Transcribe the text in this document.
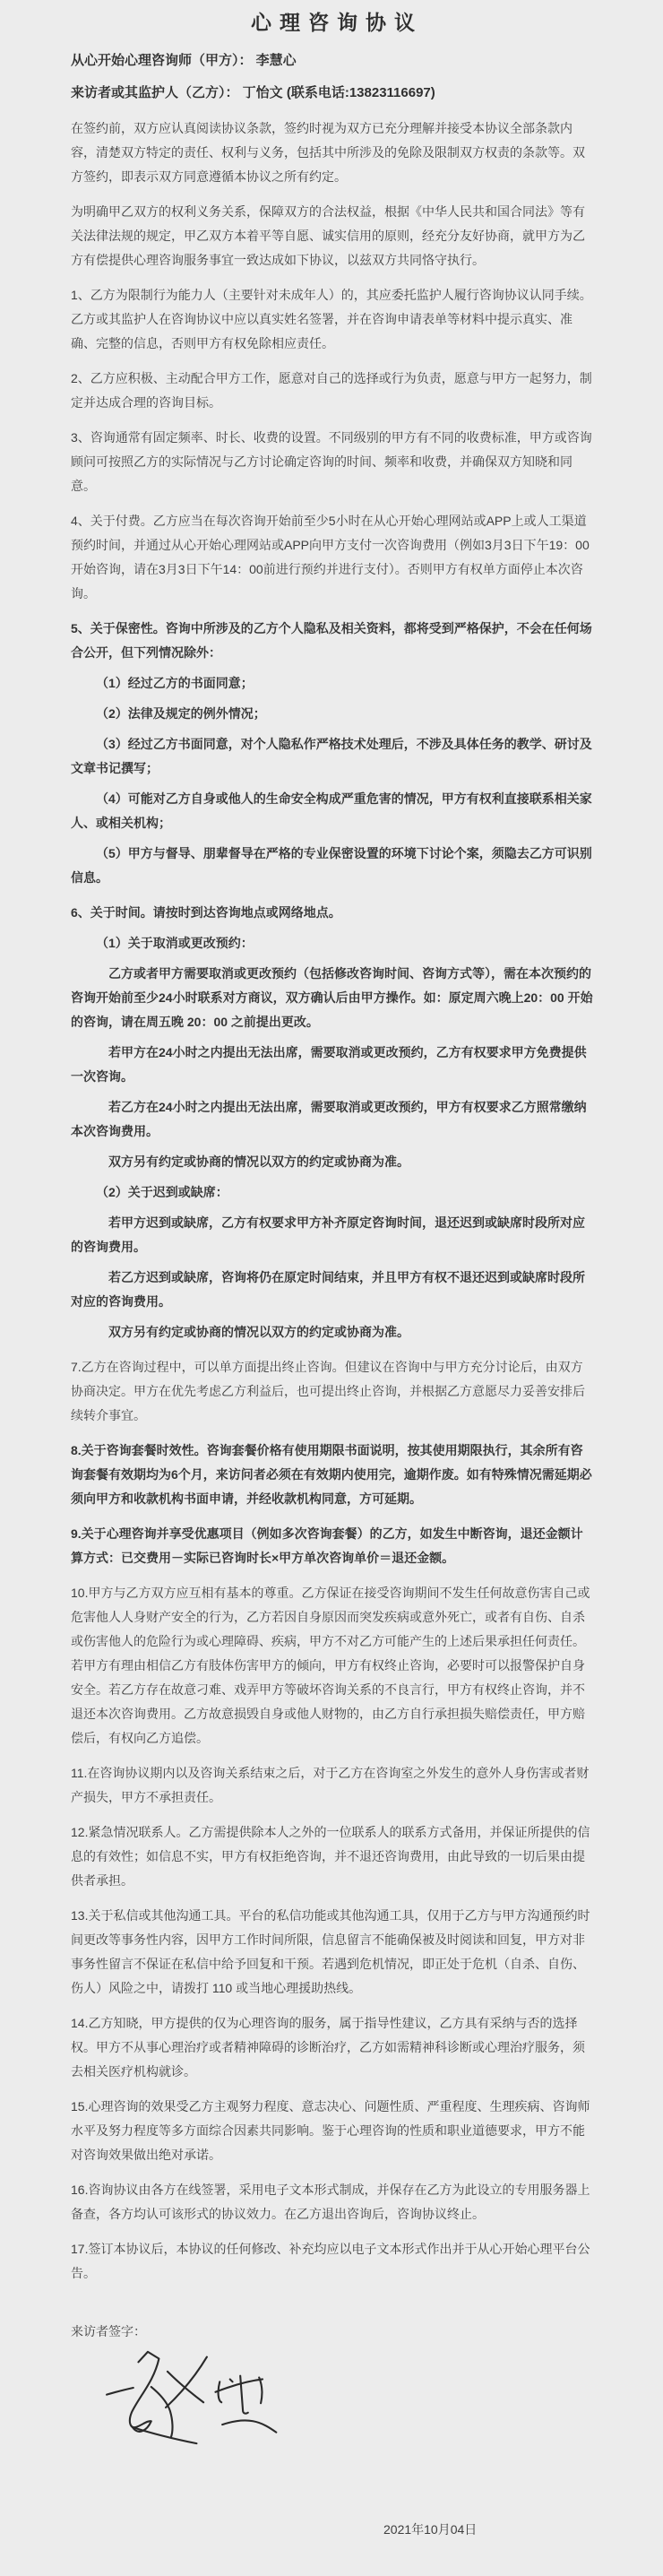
心理咨询协议

从心开始心理咨询师（甲方）： 李慧心

来访者或其监护人（乙方）： 丁怡文 (联系电话:13823116697)

在签约前，双方应认真阅读协议条款，签约时视为双方已充分理解并接受本协议全部条款内容，清楚双方特定的责任、权利与义务，包括其中所涉及的免除及限制双方权责的条款等。双方签约，即表示双方同意遵循本协议之所有约定。

为明确甲乙双方的权利义务关系，保障双方的合法权益，根据《中华人民共和国合同法》等有关法律法规的规定，甲乙双方本着平等自愿、诚实信用的原则，经充分友好协商，就甲方为乙方有偿提供心理咨询服务事宜一致达成如下协议，以兹双方共同恪守执行。

1、乙方为限制行为能力人（主要针对未成年人）的，其应委托监护人履行咨询协议认同手续。乙方或其监护人在咨询协议中应以真实姓名签署，并在咨询申请表单等材料中提示真实、准确、完整的信息，否则甲方有权免除相应责任。

2、乙方应积极、主动配合甲方工作，愿意对自己的选择或行为负责，愿意与甲方一起努力，制定并达成合理的咨询目标。

3、咨询通常有固定频率、时长、收费的设置。不同级别的甲方有不同的收费标准，甲方或咨询顾问可按照乙方的实际情况与乙方讨论确定咨询的时间、频率和收费，并确保双方知晓和同意。

4、关于付费。乙方应当在每次咨询开始前至少5小时在从心开始心理网站或APP上或人工渠道预约时间，并通过从心开始心理网站或APP向甲方支付一次咨询费用（例如3月3日下午19：00开始咨询，请在3月3日下午14：00前进行预约并进行支付）。否则甲方有权单方面停止本次咨询。

5、关于保密性。咨询中所涉及的乙方个人隐私及相关资料，都将受到严格保护，不会在任何场合公开，但下列情况除外：
（1）经过乙方的书面同意；
（2）法律及规定的例外情况；
（3）经过乙方书面同意，对个人隐私作严格技术处理后，不涉及具体任务的教学、研讨及文章书记撰写；
（4）可能对乙方自身或他人的生命安全构成严重危害的情况，甲方有权利直接联系相关家人、或相关机构；
（5）甲方与督导、朋辈督导在严格的专业保密设置的环境下讨论个案，须隐去乙方可识别信息。
6、关于时间。请按时到达咨询地点或网络地点。
（1）关于取消或更改预约：
乙方或者甲方需要取消或更改预约（包括修改咨询时间、咨询方式等），需在本次预约的咨询开始前至少24小时联系对方商议，双方确认后由甲方操作。如：原定周六晚上20：00 开始的咨询，请在周五晚 20：00 之前提出更改。
若甲方在24小时之内提出无法出席，需要取消或更改预约，乙方有权要求甲方免费提供一次咨询。
若乙方在24小时之内提出无法出席，需要取消或更改预约，甲方有权要求乙方照常缴纳本次咨询费用。
双方另有约定或协商的情况以双方的约定或协商为准。
（2）关于迟到或缺席：
若甲方迟到或缺席，乙方有权要求甲方补齐原定咨询时间，退还迟到或缺席时段所对应的咨询费用。
若乙方迟到或缺席，咨询将仍在原定时间结束，并且甲方有权不退还迟到或缺席时段所对应的咨询费用。
双方另有约定或协商的情况以双方的约定或协商为准。

7.乙方在咨询过程中，可以单方面提出终止咨询。但建议在咨询中与甲方充分讨论后，由双方协商决定。甲方在优先考虑乙方利益后，也可提出终止咨询，并根据乙方意愿尽力妥善安排后续转介事宜。

8.关于咨询套餐时效性。咨询套餐价格有使用期限书面说明，按其使用期限执行，其余所有咨询套餐有效期均为6个月，来访问者必须在有效期内使用完，逾期作废。如有特殊情况需延期必须向甲方和收款机构书面申请，并经收款机构同意，方可延期。

9.关于心理咨询并享受优惠项目（例如多次咨询套餐）的乙方，如发生中断咨询，退还金额计算方式：已交费用－实际已咨询时长×甲方单次咨询单价＝退还金额。

10.甲方与乙方双方应互相有基本的尊重。乙方保证在接受咨询期间不发生任何故意伤害自己或危害他人人身财产安全的行为，乙方若因自身原因而突发疾病或意外死亡，或者有自伤、自杀或伤害他人的危险行为或心理障碍、疾病，甲方不对乙方可能产生的上述后果承担任何责任。若甲方有理由相信乙方有肢体伤害甲方的倾向，甲方有权终止咨询，必要时可以报警保护自身安全。若乙方存在故意刁难、戏弄甲方等破坏咨询关系的不良言行，甲方有权终止咨询，并不退还本次咨询费用。乙方故意损毁自身或他人财物的，由乙方自行承担损失赔偿责任，甲方赔偿后，有权向乙方追偿。

11.在咨询协议期内以及咨询关系结束之后，对于乙方在咨询室之外发生的意外人身伤害或者财产损失，甲方不承担责任。

12.紧急情况联系人。乙方需提供除本人之外的一位联系人的联系方式备用，并保证所提供的信息的有效性；如信息不实，甲方有权拒绝咨询，并不退还咨询费用，由此导致的一切后果由提供者承担。

13.关于私信或其他沟通工具。平台的私信功能或其他沟通工具，仅用于乙方与甲方沟通预约时间更改等事务性内容，因甲方工作时间所限，信息留言不能确保被及时阅读和回复，甲方对非事务性留言不保证在私信中给予回复和干预。若遇到危机情况，即正处于危机（自杀、自伤、伤人）风险之中，请拨打 110 或当地心理援助热线。

14.乙方知晓，甲方提供的仅为心理咨询的服务，属于指导性建议，乙方具有采纳与否的选择权。甲方不从事心理治疗或者精神障碍的诊断治疗，乙方如需精神科诊断或心理治疗服务，须去相关医疗机构就诊。

15.心理咨询的效果受乙方主观努力程度、意志决心、问题性质、严重程度、生理疾病、咨询师水平及努力程度等多方面综合因素共同影响。鉴于心理咨询的性质和职业道德要求，甲方不能对咨询效果做出绝对承诺。

16.咨询协议由各方在线签署，采用电子文本形式制成，并保存在乙方为此设立的专用服务器上备查，各方均认可该形式的协议效力。在乙方退出咨询后，咨询协议终止。

17.签订本协议后，本协议的任何修改、补充均应以电子文本形式作出并于从心开始心理平台公告。

来访者签字：

2021年10月04日
